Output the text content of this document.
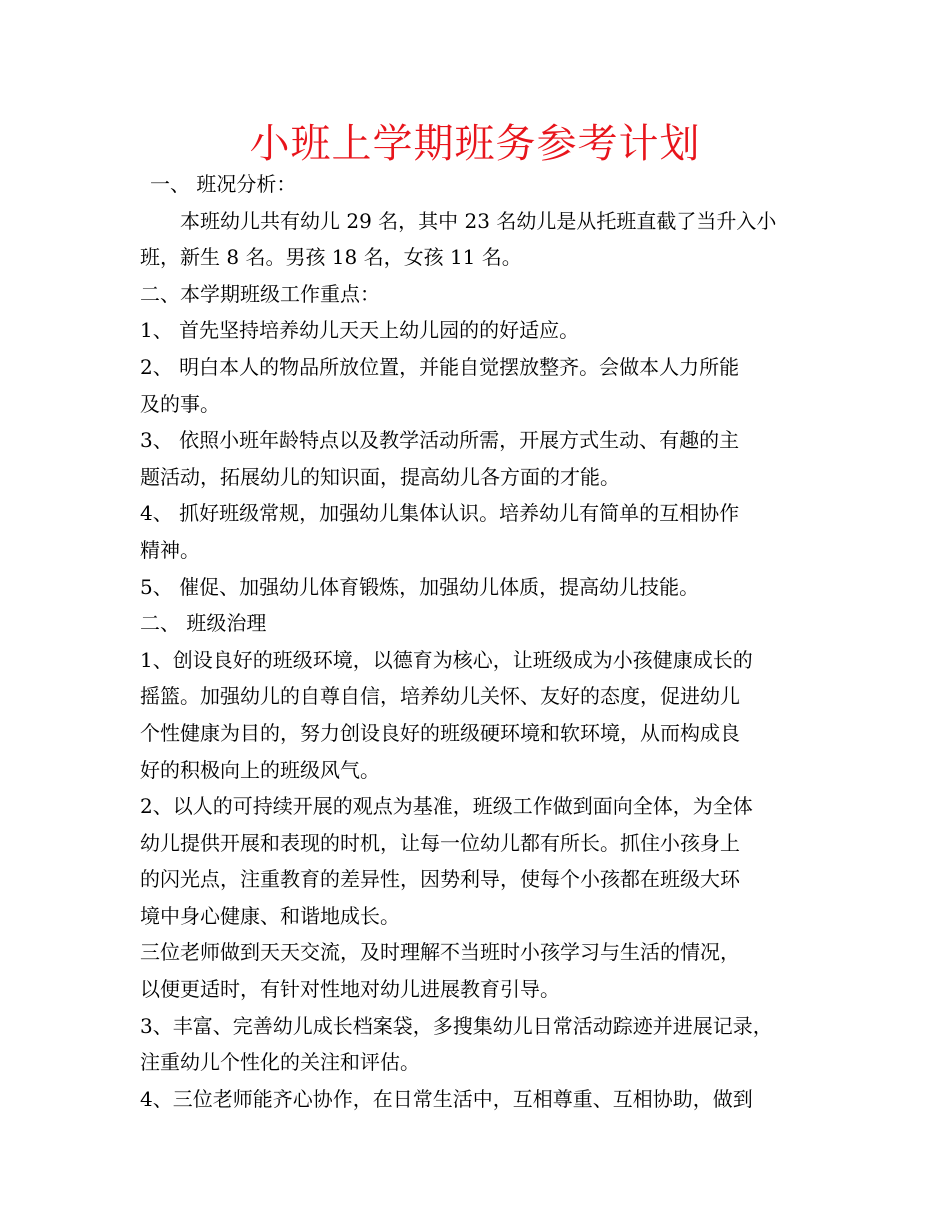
小班上学期班务参考计划
一、 班况分析：
本班幼儿共有幼儿 29 名，其中 23 名幼儿是从托班直截了当升入小
班，新生 8 名。男孩 18 名，女孩 11 名。
二、本学期班级工作重点：
1、 首先坚持培养幼儿天天上幼儿园的的好适应。
2、 明白本人的物品所放位置，并能自觉摆放整齐。会做本人力所能
及的事。
3、 依照小班年龄特点以及教学活动所需，开展方式生动、有趣的主
题活动，拓展幼儿的知识面，提高幼儿各方面的才能。
4、 抓好班级常规，加强幼儿集体认识。培养幼儿有简单的互相协作
精神。
5、 催促、加强幼儿体育锻炼，加强幼儿体质，提高幼儿技能。
二、 班级治理
1、创设良好的班级环境，以德育为核心，让班级成为小孩健康成长的
摇篮。加强幼儿的自尊自信，培养幼儿关怀、友好的态度，促进幼儿
个性健康为目的，努力创设良好的班级硬环境和软环境，从而构成良
好的积极向上的班级风气。
2、以人的可持续开展的观点为基准，班级工作做到面向全体，为全体
幼儿提供开展和表现的时机，让每一位幼儿都有所长。抓住小孩身上
的闪光点，注重教育的差异性，因势利导，使每个小孩都在班级大环
境中身心健康、和谐地成长。
三位老师做到天天交流，及时理解不当班时小孩学习与生活的情况，
以便更适时，有针对性地对幼儿进展教育引导。
3、丰富、完善幼儿成长档案袋，多搜集幼儿日常活动踪迹并进展记录，
注重幼儿个性化的关注和评估。
4、三位老师能齐心协作，在日常生活中，互相尊重、互相协助，做到
